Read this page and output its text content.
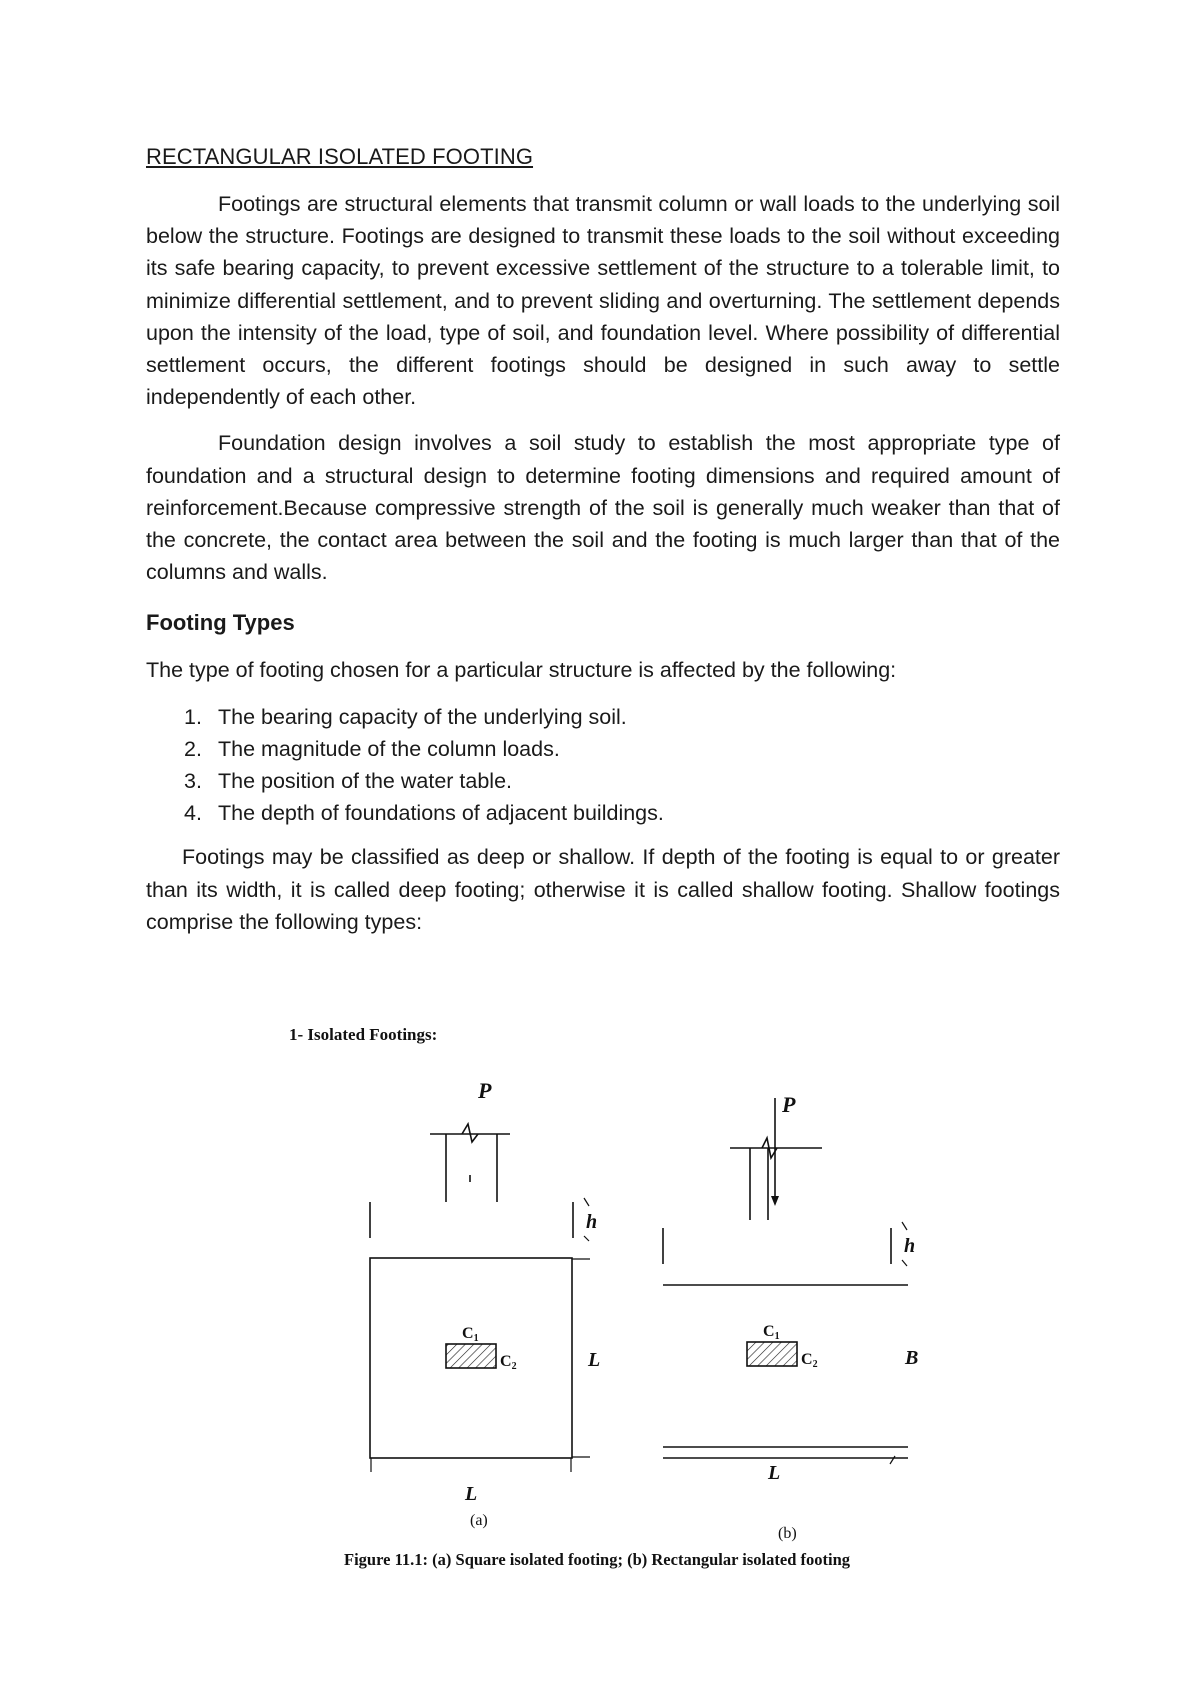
RECTANGULAR ISOLATED FOOTING

Footings are structural elements that transmit column or wall loads to the underlying soil below the structure. Footings are designed to transmit these loads to the soil without exceeding its safe bearing capacity, to prevent excessive settlement of the structure to a tolerable limit, to minimize differential settlement, and to prevent sliding and overturning. The settlement depends upon the intensity of the load, type of soil, and foundation level. Where possibility of differential settlement occurs, the different footings should be designed in such away to settle independently of each other.

Foundation design involves a soil study to establish the most appropriate type of foundation and a structural design to determine footing dimensions and required amount of reinforcement.Because compressive strength of the soil is generally much weaker than that of the concrete, the contact area between the soil and the footing is much larger than that of the columns and walls.

Footing Types

The type of footing chosen for a particular structure is affected by the following:

1. The bearing capacity of the underlying soil.
2. The magnitude of the column loads.
3. The position of the water table.
4. The depth of foundations of adjacent buildings.

Footings may be classified as deep or shallow. If depth of the footing is equal to or greater than its width, it is called deep footing; otherwise it is called shallow footing. Shallow footings comprise the following types:

1- Isolated Footings:
P
h
C1
C2	L
L
(a)
P
h
C1
C2	B
L
(b)
Figure 11.1: (a) Square isolated footing; (b) Rectangular isolated footing
